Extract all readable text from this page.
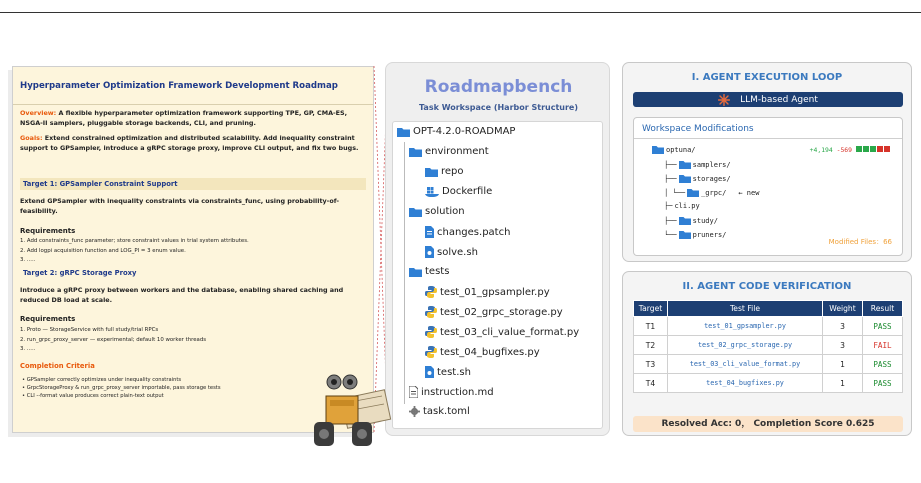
Hyperparameter Optimization Framework Development Roadmap
Overview: A flexible hyperparameter optimization framework supporting TPE, GP, CMA-ES, NSGA-II samplers, pluggable storage backends, CLI, and pruning.
Goals: Extend constrained optimization and distributed scalability. Add inequality constraint support to GPSampler, introduce a gRPC storage proxy, improve CLI output, and fix two bugs.
Target 1: GPSampler Constraint Support
Extend GPSampler with inequality constraints via constraints_func, using probability-of-feasibility.
Requirements
1. Add constraints_func parameter; store constraint values in trial system attributes.
2. Add logpi acquisition function and LOG_PI = 3 enum value.
3. .....
Target 2: gRPC Storage Proxy
Introduce a gRPC proxy between workers and the database, enabling shared caching and reduced DB load at scale.
Requirements
1. Proto — StorageService with full study/trial RPCs
2. run_grpc_proxy_server — experimental; default 10 worker threads
3. .....
Completion Criteria
• GPSampler correctly optimizes under inequality constraints
• GrpcStorageProxy & run_grpc_proxy_server importable, pass storage tests
• CLI --format value produces correct plain-text output
Roadmapbench
Task Workspace (Harbor Structure)
OPT-4.2.0-ROADMAP
environment
repo
Dockerfile
solution
changes.patch
solve.sh
tests
test_01_gpsampler.py
test_02_grpc_storage.py
test_03_cli_value_format.py
test_04_bugfixes.py
test.sh
instruction.md
task.toml
I. AGENT EXECUTION LOOP
LLM-based Agent
Workspace Modifications
optuna/	+4,194 -569
├── samplers/
├── storages/
│ └── _grpc/ ← new
├─ cli.py
├── study/
└── pruners/
Modified Files：66
II. AGENT CODE VERIFICATION
Target	Test File	Weight	Result
T1	test_01_gpsampler.py	3	PASS
T2	test_02_grpc_storage.py	3	FAIL
T3	test_03_cli_value_format.py	1	PASS
T4	test_04_bugfixes.py	1	PASS
Resolved Acc: 0， Completion Score 0.625
